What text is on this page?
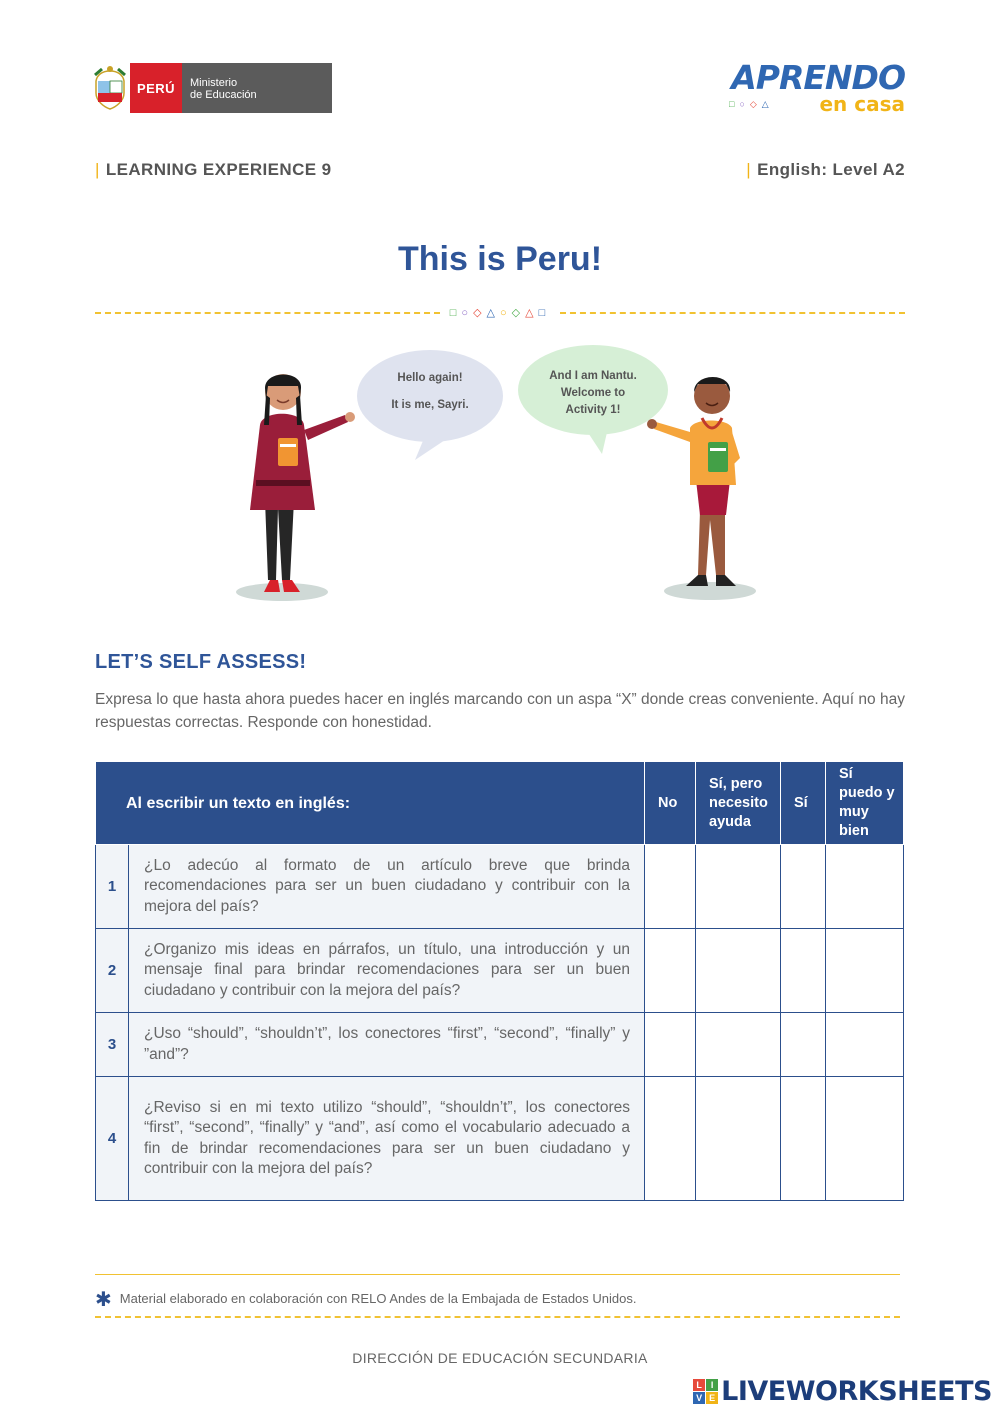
PERÚ	Ministerio
de Educación	APRENDO
□○◇△ en casa
| LEARNING EXPERIENCE 9	| English: Level A2
This is Peru!
□○◇△○◇△□
Hello again!
It is me, Sayri.
And I am Nantu.
Welcome to
Activity 1!
LET’S SELF ASSESS!
Expresa lo que hasta ahora puedes hacer en inglés marcando con un aspa “X” donde creas conveniente. Aquí no hay respuestas correctas. Responde con honestidad.
Al escribir un texto en inglés:		No	Sí, pero necesito ayuda	Sí	Sí puedo y muy bien
1	¿Lo adecúo al formato de un artículo breve que brinda recomendaciones para ser un buen ciudadano y contribuir con la mejora del país?				
2	¿Organizo mis ideas en párrafos, un título, una introducción y un mensaje final para brindar recomendaciones para ser un buen ciudadano y contribuir con la mejora del país?				
3	¿Uso “should”, “shouldn’t”, los conectores “first”, “second”, “finally” y ”and”?				
4	¿Reviso si en mi texto utilizo “should”, “shouldn’t”, los conectores “first”, “second”, “finally” y “and”, así como el vocabulario adecuado a fin de brindar recomendaciones para ser un buen ciudadano y contribuir con la mejora del país?				
✱ Material elaborado en colaboración con RELO Andes de la Embajada de Estados Unidos.
DIRECCIÓN DE EDUCACIÓN SECUNDARIA
L I
V E LIVEWORKSHEETS
